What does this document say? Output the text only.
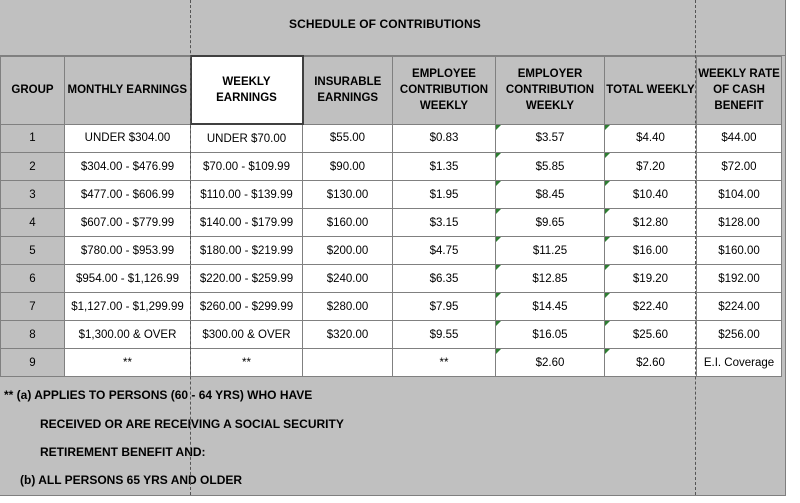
SCHEDULE OF CONTRIBUTIONS
GROUP	MONTHLY EARNINGS	WEEKLY EARNINGS	INSURABLE EARNINGS	EMPLOYEE CONTRIBUTION WEEKLY	EMPLOYER CONTRIBUTION WEEKLY	TOTAL WEEKLY	WEEKLY RATE OF CASH BENEFIT
1	UNDER $304.00	UNDER $70.00	$55.00	$0.83	$3.57	$4.40	$44.00
2	$304.00 - $476.99	$70.00 - $109.99	$90.00	$1.35	$5.85	$7.20	$72.00
3	$477.00 - $606.99	$110.00 - $139.99	$130.00	$1.95	$8.45	$10.40	$104.00
4	$607.00 - $779.99	$140.00 - $179.99	$160.00	$3.15	$9.65	$12.80	$128.00
5	$780.00 - $953.99	$180.00 - $219.99	$200.00	$4.75	$11.25	$16.00	$160.00
6	$954.00 - $1,126.99	$220.00 - $259.99	$240.00	$6.35	$12.85	$19.20	$192.00
7	$1,127.00 - $1,299.99	$260.00 - $299.99	$280.00	$7.95	$14.45	$22.40	$224.00
8	$1,300.00 & OVER	$300.00 & OVER	$320.00	$9.55	$16.05	$25.60	$256.00
9	**	**		**	$2.60	$2.60	E.I. Coverage
** (a) APPLIES TO PERSONS (60 - 64 YRS) WHO HAVE
RECEIVED OR ARE RECEIVING A SOCIAL SECURITY
RETIREMENT BENEFIT AND:
(b) ALL PERSONS 65 YRS AND OLDER
